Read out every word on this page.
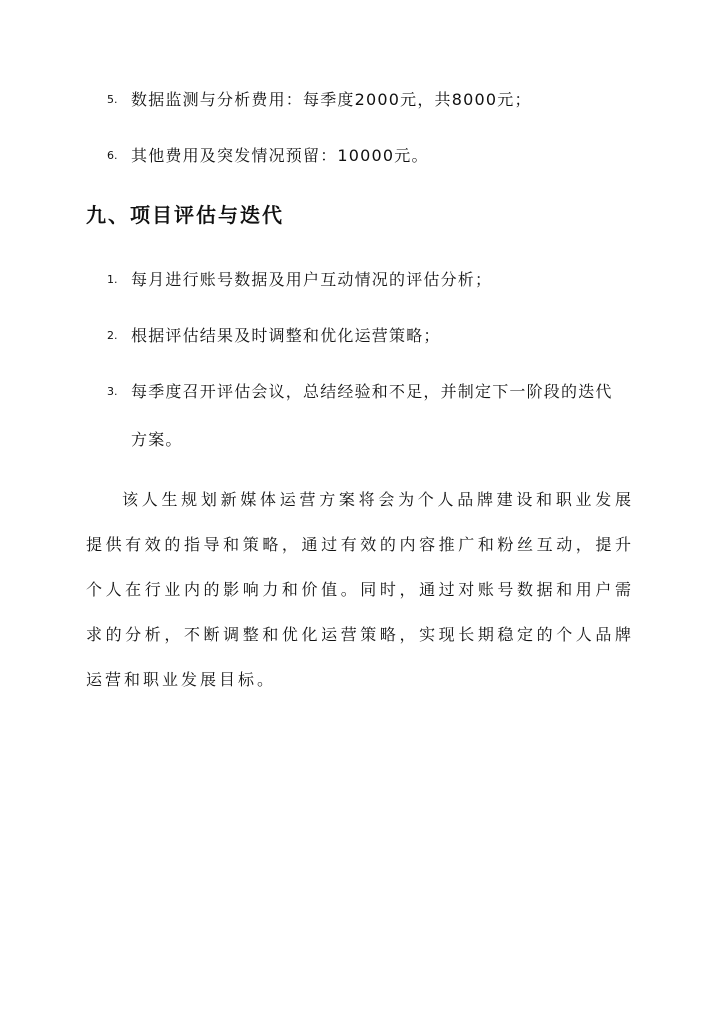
5. 数据监测与分析费用：每季度2000元，共8000元；
6. 其他费用及突发情况预留：10000元。
九、项目评估与迭代
1. 每月进行账号数据及用户互动情况的评估分析；
2. 根据评估结果及时调整和优化运营策略；
3. 每季度召开评估会议，总结经验和不足，并制定下一阶段的迭代方案。
该人生规划新媒体运营方案将会为个人品牌建设和职业发展提供有效的指导和策略，通过有效的内容推广和粉丝互动，提升个人在行业内的影响力和价值。同时，通过对账号数据和用户需求的分析，不断调整和优化运营策略，实现长期稳定的个人品牌运营和职业发展目标。
